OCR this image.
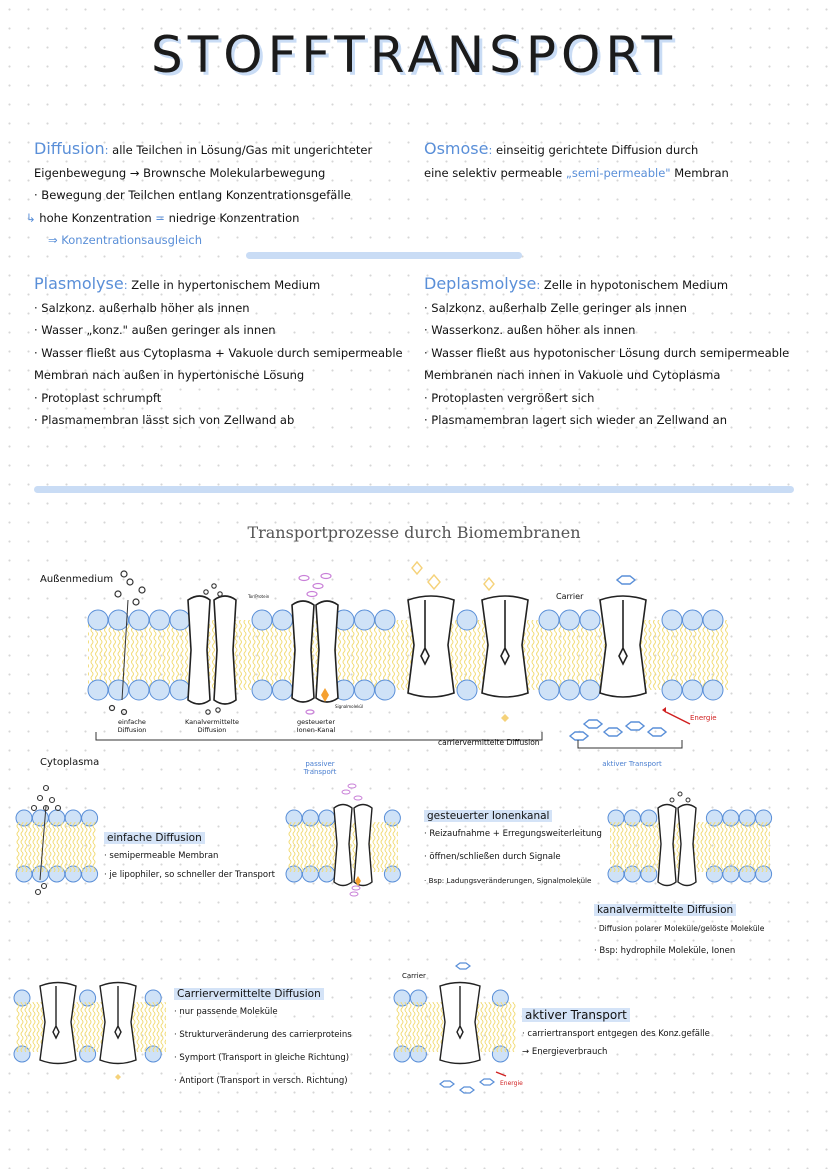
STOFFTRANSPORT
Diffusion: alle Teilchen in Lösung/Gas mit ungerichteter
Eigenbewegung → Brownsche Molekularbewegung
· Bewegung der Teilchen entlang Konzentrationsgefälle
↳ hohe Konzentration = niedrige Konzentration
⇒ Konzentrationsausgleich
Osmose: einseitig gerichtete Diffusion durch
eine selektiv permeable „semi-permeable" Membran
Plasmolyse: Zelle in hypertonischem Medium
· Salzkonz. außerhalb höher als innen
· Wasser „konz." außen geringer als innen
· Wasser fließt aus Cytoplasma + Vakuole durch semipermeable
Membran nach außen in hypertonische Lösung
· Protoplast schrumpft
· Plasmamembran lässt sich von Zellwand ab
Deplasmolyse: Zelle in hypotonischem Medium
· Salzkonz. außerhalb Zelle geringer als innen
· Wasserkonz. außen höher als innen
· Wasser fließt aus hypotonischer Lösung durch semipermeable
Membranen nach innen in Vakuole und Cytoplasma
· Protoplasten vergrößert sich
· Plasmamembran lagert sich wieder an Zellwand an
Transportprozesse durch Biomembranen
Außenmedium
Cytoplasma
einfache Diffusion
Kanalvermittelte Diffusion
gesteuerter Ionen-Kanal
carriervermittelte Diffusion
Carrier
Tor/Protein
Signalmolekül
Energie
passiver Transport
aktiver Transport
Carrier
Energie
einfache Diffusion
· semipermeable Membran
· je lipophiler, so schneller der Transport
gesteuerter Ionenkanal
· Reizaufnahme + Erregungsweiterleitung
· öffnen/schließen durch Signale
· Bsp: Ladungsveränderungen, Signalmoleküle
kanalvermittelte Diffusion
· Diffusion polarer Moleküle/gelöste Moleküle
· Bsp: hydrophile Moleküle, Ionen
Carriervermittelte Diffusion
· nur passende Moleküle
· Strukturveränderung des carrierproteins
· Symport (Transport in gleiche Richtung)
· Antiport (Transport in versch. Richtung)
aktiver Transport
· carriertransport entgegen des Konz.gefälle
→ Energieverbrauch
